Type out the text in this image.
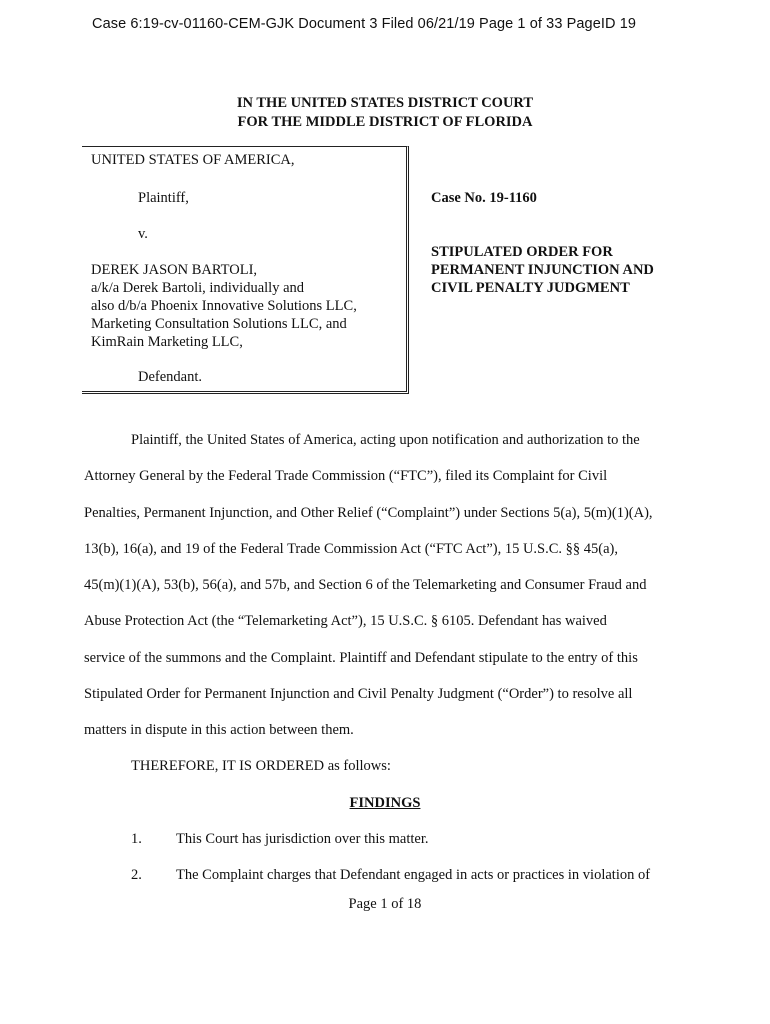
Case 6:19-cv-01160-CEM-GJK Document 3 Filed 06/21/19 Page 1 of 33 PageID 19
IN THE UNITED STATES DISTRICT COURT
FOR THE MIDDLE DISTRICT OF FLORIDA
UNITED STATES OF AMERICA,
Plaintiff,
v.
DEREK JASON BARTOLI,
a/k/a Derek Bartoli, individually and
also d/b/a Phoenix Innovative Solutions LLC,
Marketing Consultation Solutions LLC, and
KimRain Marketing LLC,
Defendant.
Case No. 19-1160
STIPULATED ORDER FOR
PERMANENT INJUNCTION AND
CIVIL PENALTY JUDGMENT
Plaintiff, the United States of America, acting upon notification and authorization to the
Attorney General by the Federal Trade Commission (“FTC”), filed its Complaint for Civil
Penalties, Permanent Injunction, and Other Relief (“Complaint”) under Sections 5(a), 5(m)(1)(A),
13(b), 16(a), and 19 of the Federal Trade Commission Act (“FTC Act”), 15 U.S.C. §§ 45(a),
45(m)(1)(A), 53(b), 56(a), and 57b, and Section 6 of the Telemarketing and Consumer Fraud and
Abuse Protection Act (the “Telemarketing Act”), 15 U.S.C. § 6105. Defendant has waived
service of the summons and the Complaint. Plaintiff and Defendant stipulate to the entry of this
Stipulated Order for Permanent Injunction and Civil Penalty Judgment (“Order”) to resolve all
matters in dispute in this action between them.
THEREFORE, IT IS ORDERED as follows:
FINDINGS
1. This Court has jurisdiction over this matter.
2. The Complaint charges that Defendant engaged in acts or practices in violation of
Page 1 of 18
